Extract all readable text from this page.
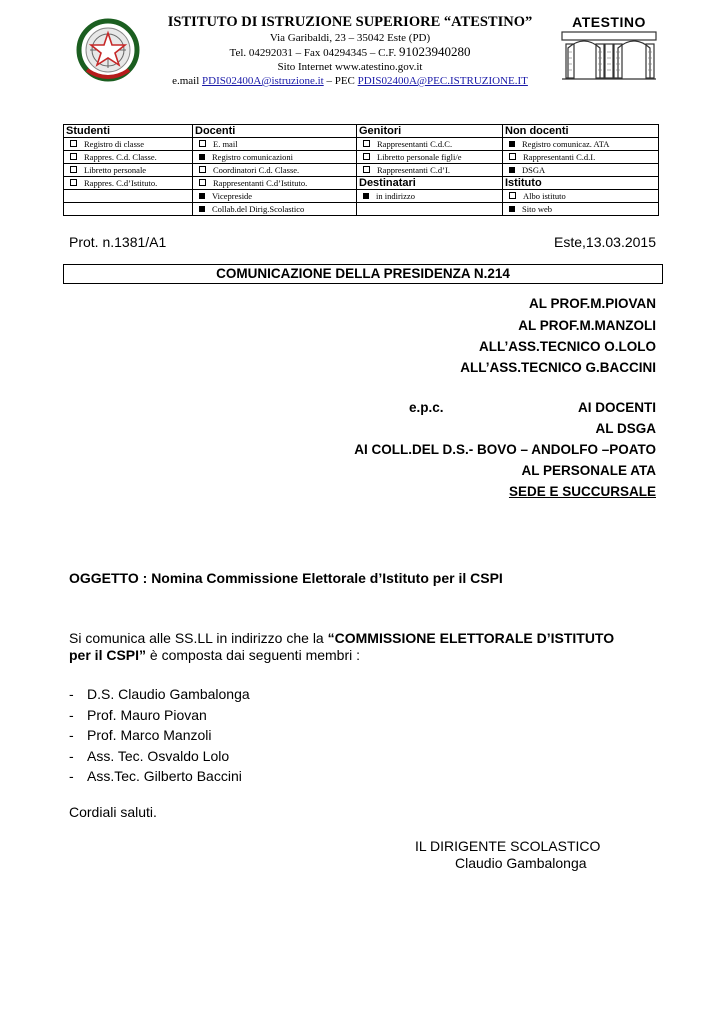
ISTITUTO DI ISTRUZIONE SUPERIORE “ATESTINO”
Via Garibaldi, 23 – 35042 Este (PD)
Tel. 04292031 – Fax 04294345 – C.F. 91023940280
Sito Internet www.atestino.gov.it
e.mail PDIS02400A@istruzione.it – PEC PDIS02400A@PEC.ISTRUZIONE.IT
ATESTINO
Studenti	Docenti	Genitori	Non docenti
Registro di classe	E. mail	Rappresentanti C.d.C.	Registro comunicaz. ATA
Rappres. C.d. Classe.	Registro comunicazioni	Libretto personale figli/e	Rappresentanti C.d.I.
Libretto personale	Coordinatori C.d. Classe.	Rappresentanti C.d’I.	DSGA
Rappres. C.d’Istituto.	Rappresentanti C.d’Istituto.	Destinatari	Istituto
	Vicepreside	in indirizzo	Albo istituto
	Collab.del Dirig.Scolastico		Sito web
Prot. n.1381/A1	Este,13.03.2015
COMUNICAZIONE DELLA PRESIDENZA N.214
AL PROF.M.PIOVAN
AL PROF.M.MANZOLI
ALL’ASS.TECNICO O.LOLO
ALL’ASS.TECNICO G.BACCINI
e.p.c.	AI DOCENTI
AL DSGA
AI COLL.DEL D.S.- BOVO – ANDOLFO –POATO
AL PERSONALE ATA
SEDE E SUCCURSALE
OGGETTO : Nomina Commissione Elettorale d’Istituto per il CSPI
Si comunica alle SS.LL in indirizzo che la “COMMISSIONE ELETTORALE D’ISTITUTO
per il CSPI” è composta dai seguenti membri :
- D.S. Claudio Gambalonga
- Prof. Mauro Piovan
- Prof. Marco Manzoli
- Ass. Tec. Osvaldo Lolo
- Ass.Tec. Gilberto Baccini
Cordiali saluti.
IL DIRIGENTE SCOLASTICO
Claudio Gambalonga
